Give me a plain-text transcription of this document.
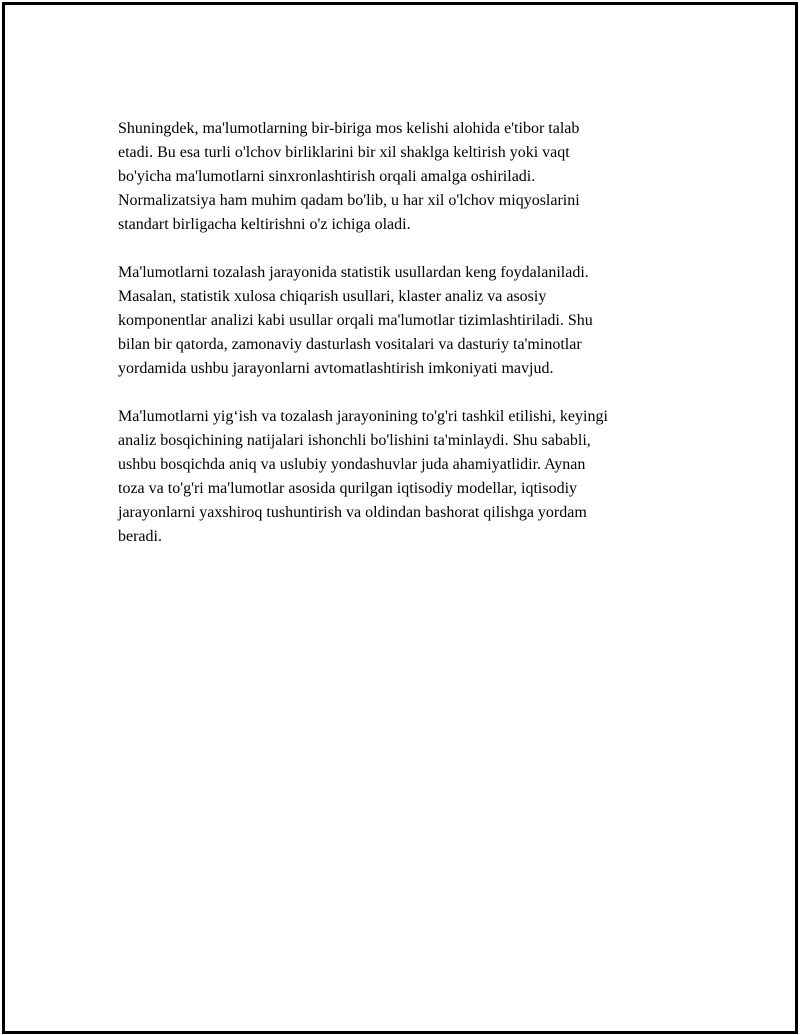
Shuningdek, ma'lumotlarning bir-biriga mos kelishi alohida e'tibor talab
etadi. Bu esa turli o'lchov birliklarini bir xil shaklga keltirish yoki vaqt
bo'yicha ma'lumotlarni sinxronlashtirish orqali amalga oshiriladi.
Normalizatsiya ham muhim qadam bo'lib, u har xil o'lchov miqyoslarini
standart birligacha keltirishni o'z ichiga oladi.

Ma'lumotlarni tozalash jarayonida statistik usullardan keng foydalaniladi.
Masalan, statistik xulosa chiqarish usullari, klaster analiz va asosiy
komponentlar analizi kabi usullar orqali ma'lumotlar tizimlashtiriladi. Shu
bilan bir qatorda, zamonaviy dasturlash vositalari va dasturiy ta'minotlar
yordamida ushbu jarayonlarni avtomatlashtirish imkoniyati mavjud.

Ma'lumotlarni yig‘ish va tozalash jarayonining to'g'ri tashkil etilishi, keyingi
analiz bosqichining natijalari ishonchli bo'lishini ta'minlaydi. Shu sababli,
ushbu bosqichda aniq va uslubiy yondashuvlar juda ahamiyatlidir. Aynan
toza va to'g'ri ma'lumotlar asosida qurilgan iqtisodiy modellar, iqtisodiy
jarayonlarni yaxshiroq tushuntirish va oldindan bashorat qilishga yordam
beradi.
